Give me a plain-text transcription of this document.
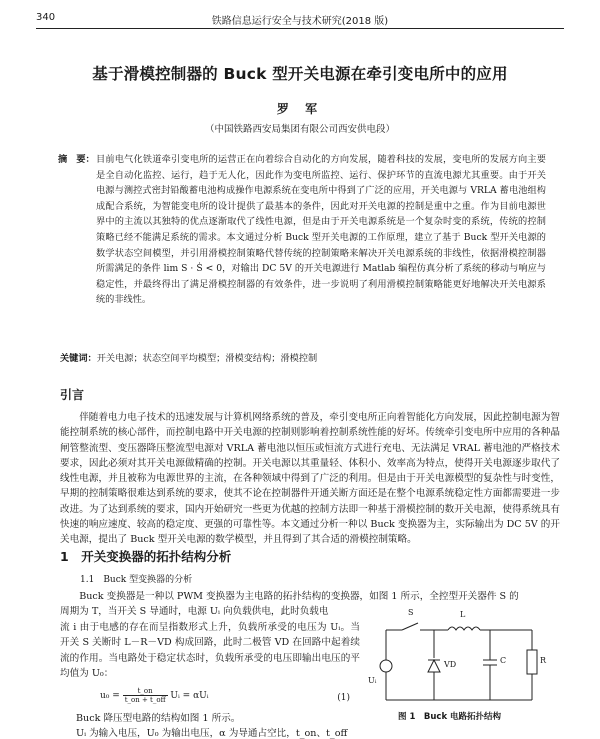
340	铁路信息运行安全与技术研究(2018 版)
基于滑模控制器的 Buck 型开关电源在牵引变电所中的应用
罗 军
（中国铁路西安局集团有限公司西安供电段）
摘　要： 目前电气化铁道牵引变电所的运营正在向着综合自动化的方向发展，随着科技的发展，变电所的发展方向主要是全自动化监控、运行，趋于无人化，因此作为变电所监控、运行、保护环节的直流电源尤其重要。由于开关电源与测控式密封铅酸蓄电池构成操作电源系统在变电所中得到了广泛的应用，开关电源与 VRLA 蓄电池组构成配合系统，为智能变电所的设计提供了最基本的条件，因此对开关电源的控制是重中之重。作为目前电源世界中的主流以其独特的优点逐渐取代了线性电源，但是由于开关电源系统是一个复杂时变的系统，传统的控制策略已经不能满足系统的需求。本文通过分析 Buck 型开关电源的工作原理，建立了基于 Buck 型开关电源的数学状态空间模型，并引用滑模控制策略代替传统的控制策略来解决开关电源系统的非线性，依据滑模控制器所需满足的条件 lim S · Ṡ < 0，对输出 DC 5V 的开关电源进行 Matlab 编程仿真分析了系统的移动与响应与稳定性，并最终得出了满足滑模控制器的有效条件，进一步说明了利用滑模控制策略能更好地解决开关电源系统的非线性。
关键词：开关电源；状态空间平均模型；滑模变结构；滑模控制
引言
伴随着电力电子技术的迅速发展与计算机网络系统的普及，牵引变电所正向着智能化方向发展，因此控制电源为智能控制系统的核心部件，而控制电路中开关电源的控制则影响着控制系统性能的好坏。传统牵引变电所中应用的各种晶闸管整流型、变压器降压整流型电源对 VRLA 蓄电池以恒压或恒流方式进行充电、无法满足 VRAL 蓄电池的严格技术要求，因此必须对其开关电源做精确的控制。开关电源以其重量轻、体积小、效率高为特点，使得开关电源逐步取代了线性电源，并且被称为电源世界的主流，在各种领域中得到了广泛的利用。但是由于开关电源模型的复杂性与时变性，早期的控制策略很难达到系统的要求，使其不论在控制器件开通关断方面还是在整个电源系统稳定性方面都需要进一步改进。为了达到系统的要求，国内开始研究一些更为优越的控制方法即一种基于滑模控制的数开关电源，使得系统具有快速的响应速度、较高的稳定度、更强的可靠性等。本文通过分析一种以 Buck 变换器为主，实际输出为 DC 5V 的开关电源，提出了 Buck 型开关电源的数学模型，并且得到了其合适的滑模控制策略。
1　开关变换器的拓扑结构分析
1.1　Buck 型变换器的分析
Buck 变换器是一种以 PWM 变换器为主电路的拓扑结构的变换器，如图 1 所示，全控型开关器件 S 的
周期为 T，当开关 S 导通时，电源 Uᵢ 向负载供电，此时负载电
流 i 由于电感的存在而呈指数形式上升，负载所承受的电压为 Uᵢ。当开关 S 关断时 L－R－VD 构成回路，此时二极管 VD 在回路中起着续流的作用。当电路处于稳定状态时，负载所承受的电压即输出电压的平均值为 U₀：
$u_0 = \frac{t\_on}{\text{t\_on + t\_off}}$ Uᵢ = αUᵢ	(1)
Buck 降压型电路的结构如图 1 所示。
Uᵢ 为输入电压，U₀ 为输出电压，α 为导通占空比，t_on、t_off
S	L
Uᵢ
VD	C	R
图 1　Buck 电路拓扑结构
